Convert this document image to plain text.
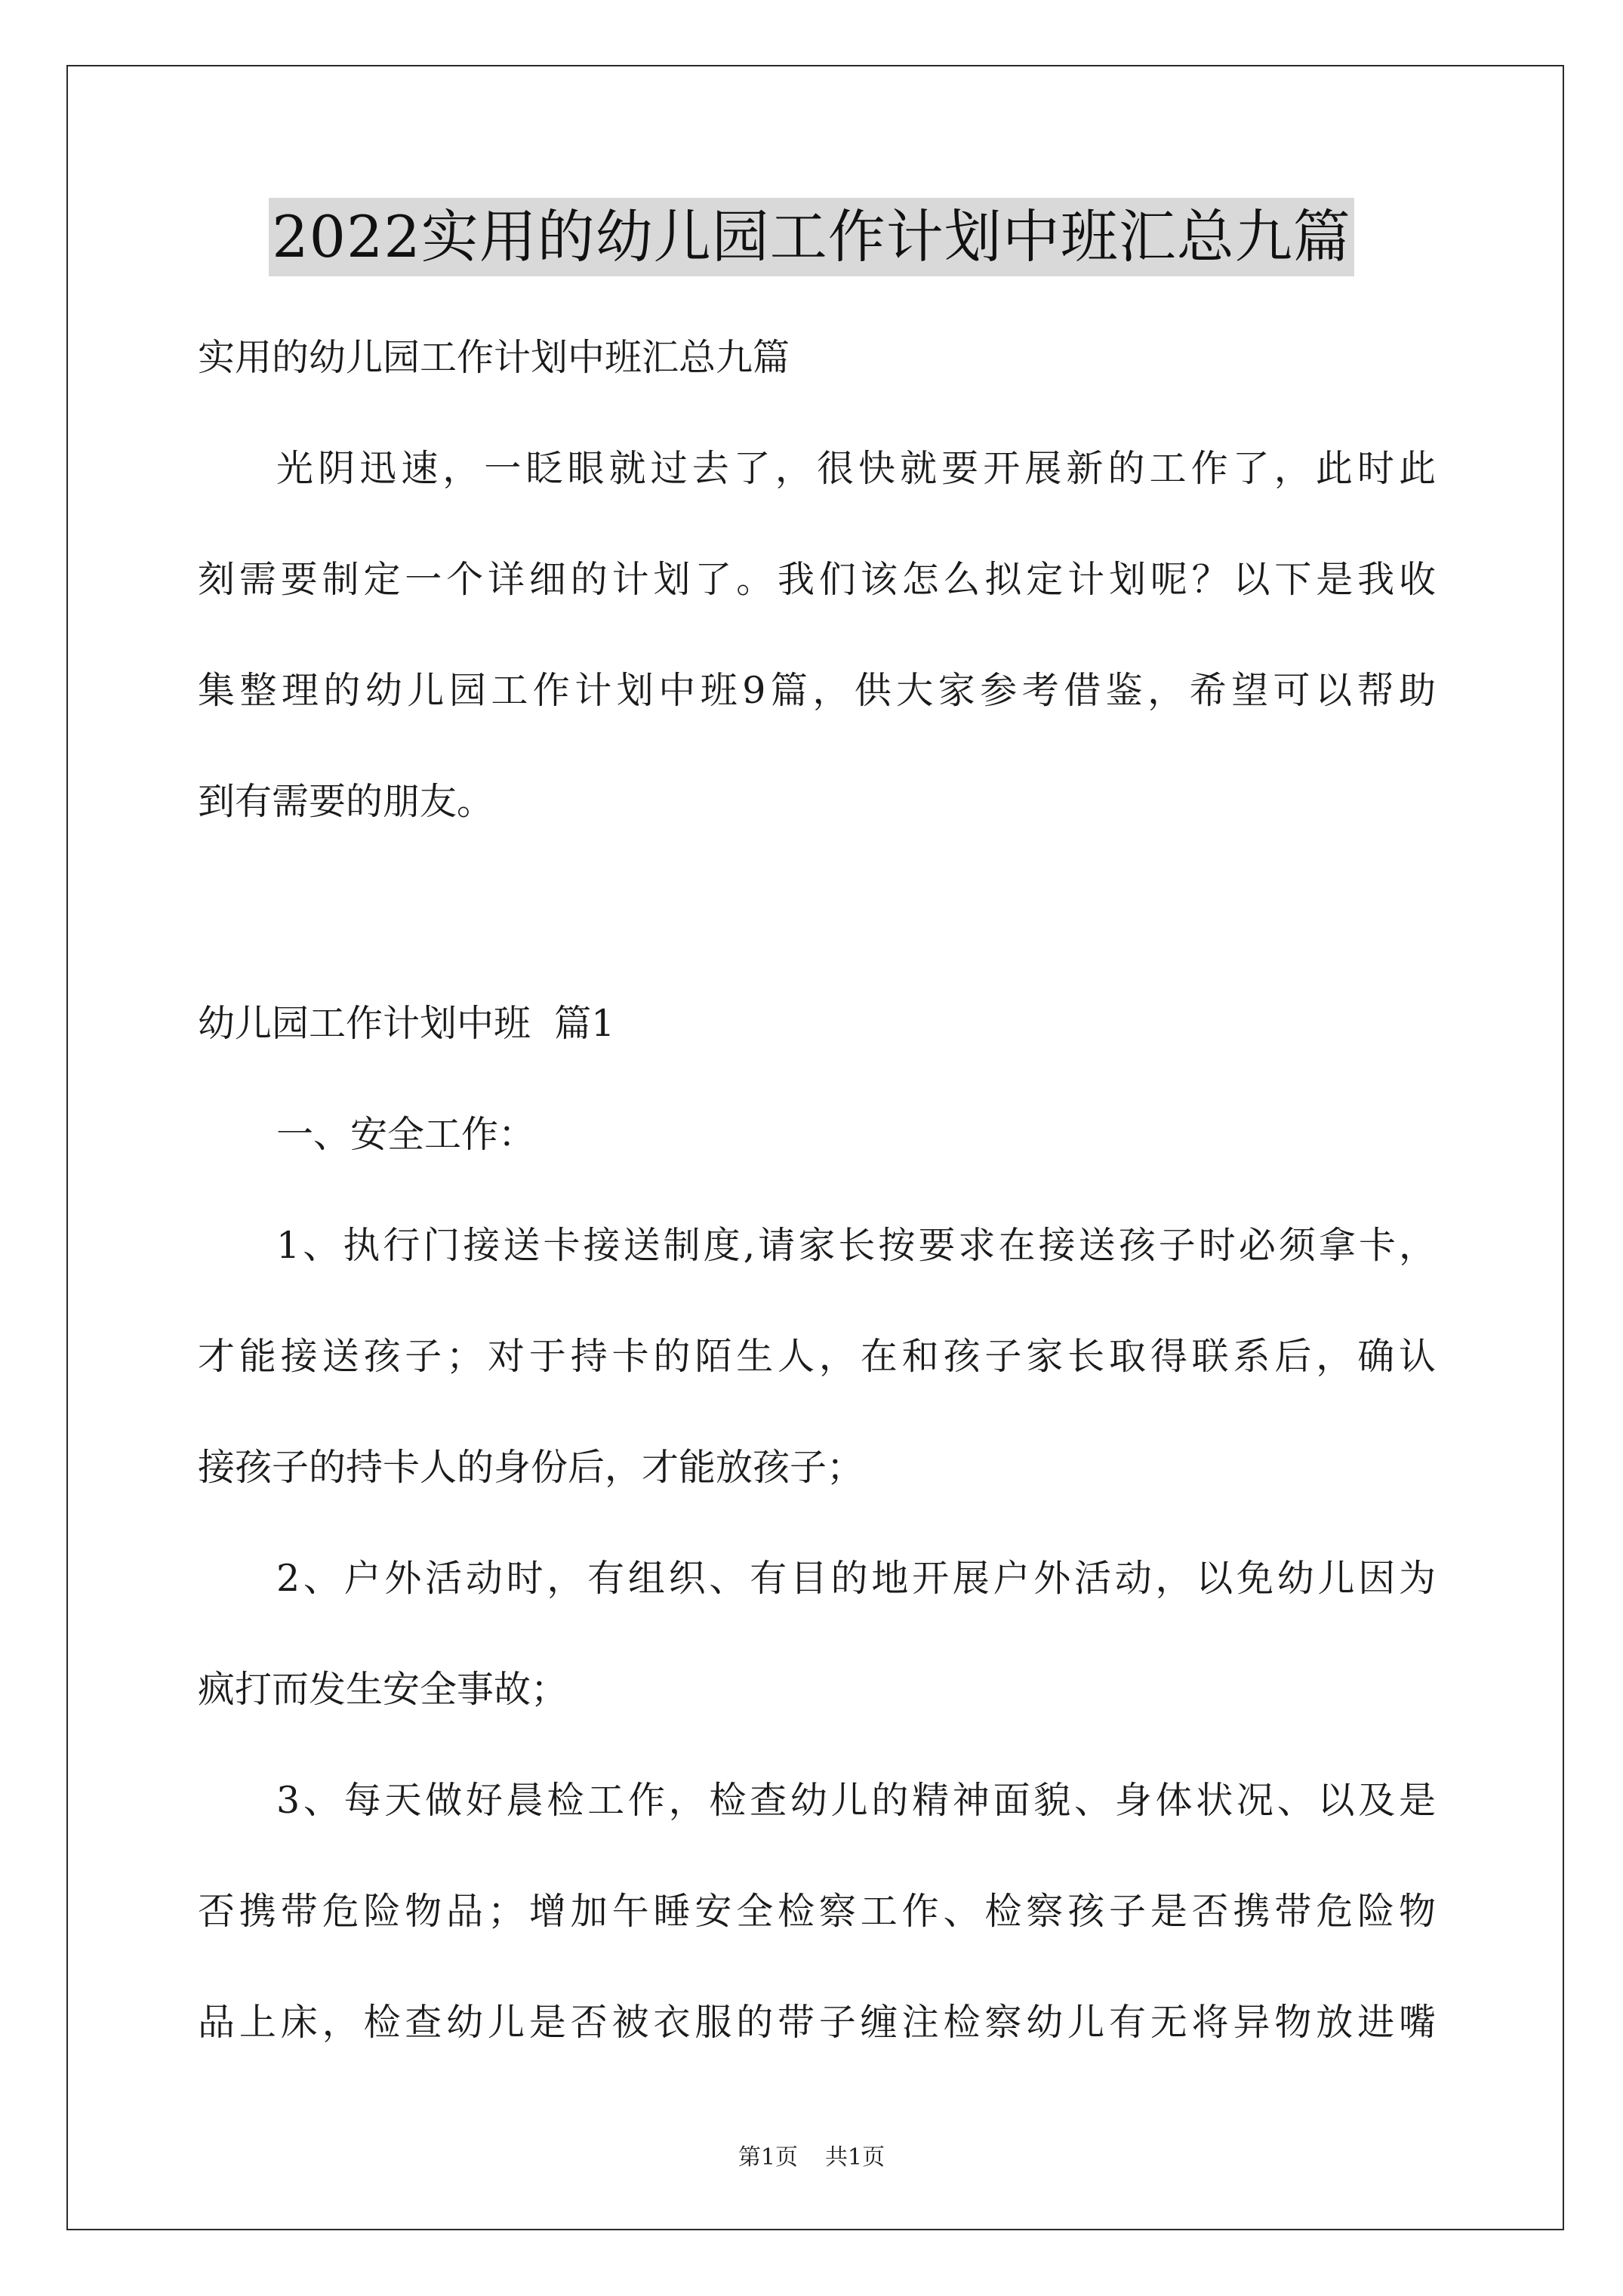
2022实用的幼儿园工作计划中班汇总九篇
实用的幼儿园工作计划中班汇总九篇
光阴迅速，一眨眼就过去了，很快就要开展新的工作了，此时此
刻需要制定一个详细的计划了。我们该怎么拟定计划呢？以下是我收
集整理的幼儿园工作计划中班9篇，供大家参考借鉴，希望可以帮助
到有需要的朋友。
幼儿园工作计划中班  篇1
一、安全工作：
1、执行门接送卡接送制度,请家长按要求在接送孩子时必须拿卡，
才能接送孩子；对于持卡的陌生人，在和孩子家长取得联系后，确认
接孩子的持卡人的身份后，才能放孩子；
2、户外活动时，有组织、有目的地开展户外活动，以免幼儿因为
疯打而发生安全事故；
3、每天做好晨检工作，检查幼儿的精神面貌、身体状况、以及是
否携带危险物品；增加午睡安全检察工作、检察孩子是否携带危险物
品上床，检查幼儿是否被衣服的带子缠注检察幼儿有无将异物放进嘴
第1页 共1页
